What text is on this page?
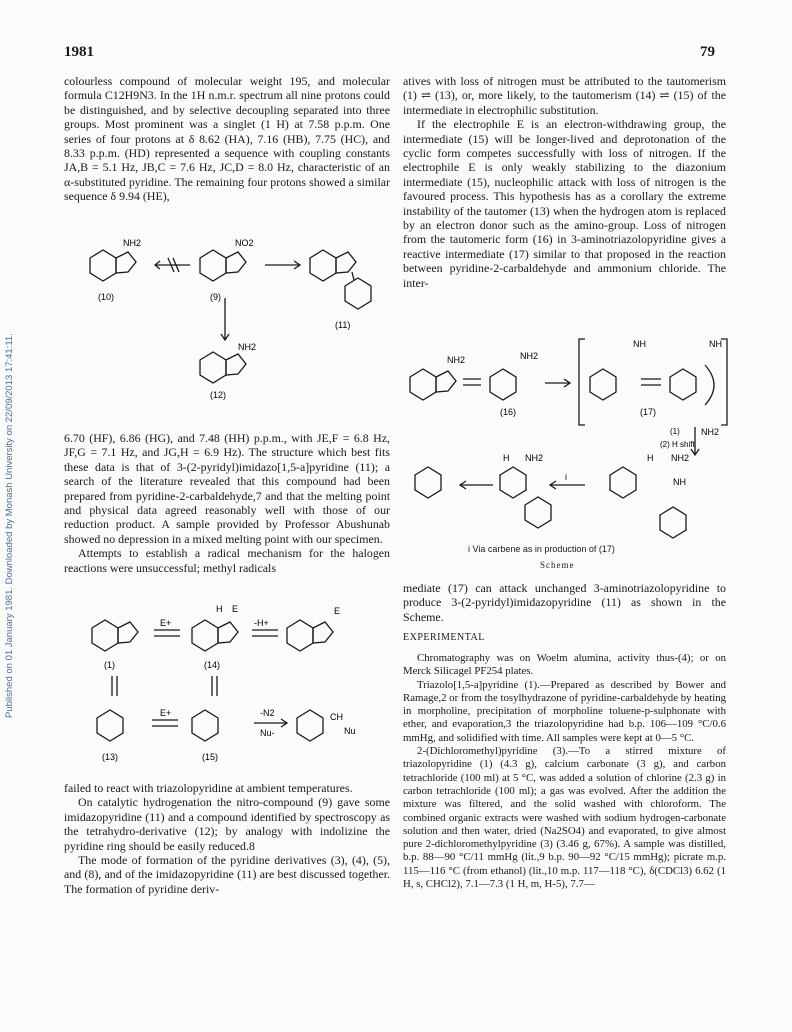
1981	79
Published on 01 January 1981. Downloaded by Monash University on 22/09/2013 17:41:11.

colourless compound of molecular weight 195, and molecular formula C12H9N3. In the 1H n.m.r. spectrum all nine protons could be distinguished, and by selective decoupling separated into three groups. Most prominent was a singlet (1 H) at 7.58 p.p.m. One series of four protons at δ 8.62 (HA), 7.16 (HB), 7.75 (HC), and 8.33 p.p.m. (HD) represented a sequence with coupling constants JA,B = 5.1 Hz, JB,C = 7.6 Hz, JC,D = 8.0 Hz, characteristic of an α-substituted pyridine. The remaining four protons showed a similar sequence δ 9.94 (HE),

NH2	NO2
NH2
(10)	(9)
(11)
(12)

6.70 (HF), 6.86 (HG), and 7.48 (HH) p.p.m., with JE,F = 6.8 Hz, JF,G = 7.1 Hz, and JG,H = 6.9 Hz). The structure which best fits these data is that of 3-(2-pyridyl)imidazo[1,5-a]pyridine (11); a search of the literature revealed that this compound had been prepared from pyridine-2-carbaldehyde,7 and that the melting point and physical data agreed reasonably well with those of our reduction product. A sample provided by Professor Abushunab showed no depression in a mixed melting point with our specimen.

Attempts to establish a radical mechanism for the halogen reactions were unsuccessful; methyl radicals

E+	-H+
H E	E
E+	-N2
Nu-
CH
Nu
(1)	(14)
(13)	(15)

failed to react with triazolopyridine at ambient temperatures.

On catalytic hydrogenation the nitro-compound (9) gave some imidazopyridine (11) and a compound identified by spectroscopy as the tetrahydro-derivative (12); by analogy with indolizine the pyridine ring should be easily reduced.8

The mode of formation of the pyridine derivatives (3), (4), (5), and (8), and of the imidazopyridine (11) are best discussed together. The formation of pyridine deriv-

atives with loss of nitrogen must be attributed to the tautomerism (1) ⇌ (13), or, more likely, to the tautomerism (14) ⇌ (15) of the intermediate in electrophilic substitution.

If the electrophile E is an electron-withdrawing group, the intermediate (15) will be longer-lived and deprotonation of the cyclic form competes successfully with loss of nitrogen. If the electrophile E is only weakly stabilizing to the diazonium intermediate (15), nucleophilic attack with loss of nitrogen is the favoured process. This hypothesis has as a corollary the extreme instability of the tautomer (13) when the hydrogen atom is replaced by an electron donor such as the amino-group. Loss of nitrogen from the tautomeric form (16) in 3-aminotriazolopyridine gives a reactive intermediate (17) similar to that proposed in the reaction between pyridine-2-carbaldehyde and ammonium chloride. The inter-

NH2	NH2
NH	NH
NH2
(1)
(2) H shift
H NH2
NH
H NH2
i
(16)	(17)
i Via carbene as in production of (17)
Scheme

mediate (17) can attack unchanged 3-aminotriazolopyridine to produce 3-(2-pyridyl)imidazopyridine (11) as shown in the Scheme.

EXPERIMENTAL

Chromatography was on Woelm alumina, activity thus-(4); or on Merck Silicagel PF254 plates.

Triazolo[1,5-a]pyridine (1).—Prepared as described by Bower and Ramage,2 or from the tosylhydrazone of pyridine-carbaldehyde by heating in morpholine, precipitation of morpholine toluene-p-sulphonate with ether, and evaporation,3 the triazolopyridine had b.p. 106—109 °C/0.6 mmHg, and solidified with time. All samples were kept at 0—5 °C.

2-(Dichloromethyl)pyridine (3).—To a stirred mixture of triazolopyridine (1) (4.3 g), calcium carbonate (3 g), and carbon tetrachloride (100 ml) at 5 °C, was added a solution of chlorine (2.3 g) in carbon tetrachloride (100 ml); a gas was evolved. After the addition the mixture was filtered, and the solid washed with chloroform. The combined organic extracts were washed with sodium hydrogen-carbonate solution and then water, dried (Na2SO4) and evaporated, to give almost pure 2-dichloromethylpyridine (3) (3.46 g, 67%). A sample was distilled, b.p. 88—90 °C/11 mmHg (lit.,9 b.p. 90—92 °C/15 mmHg); picrate m.p. 115—116 °C (from ethanol) (lit.,10 m.p. 117—118 °C), δ(CDCl3) 6.62 (1 H, s, CHCl2), 7.1—7.3 (1 H, m, H-5), 7.7—
